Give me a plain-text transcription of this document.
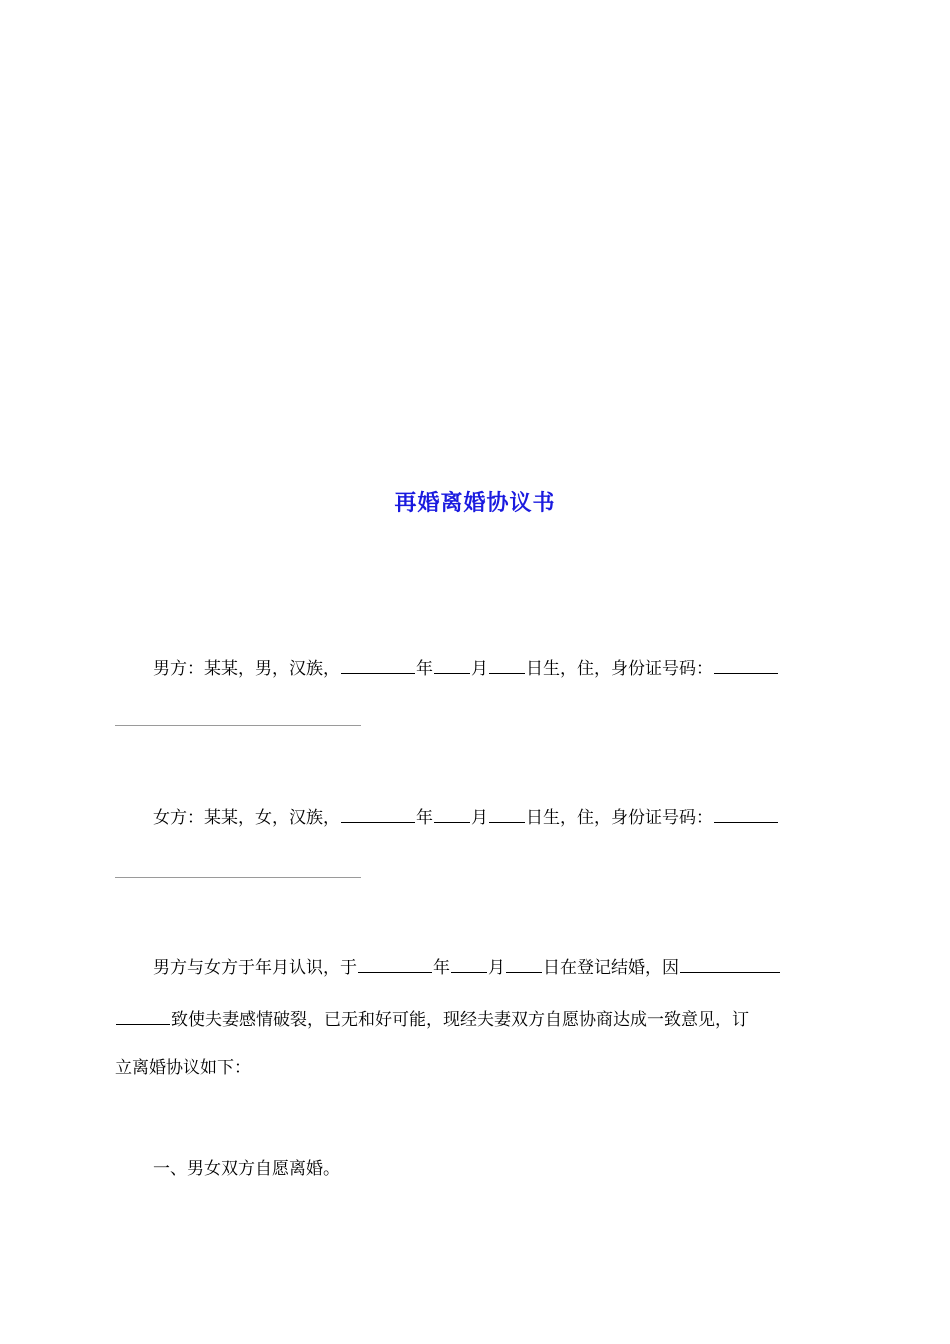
再婚离婚协议书
男方：某某，男，汉族，	年 月 日生，住，身份证号码：
女方：某某，女，汉族，	年 月 日生，住，身份证号码：
男方与女方于年月认识，于	年 月 日在登记结婚，因
致使夫妻感情破裂，已无和好可能，现经夫妻双方自愿协商达成一致意见，订
立离婚协议如下：
一、男女双方自愿离婚。
